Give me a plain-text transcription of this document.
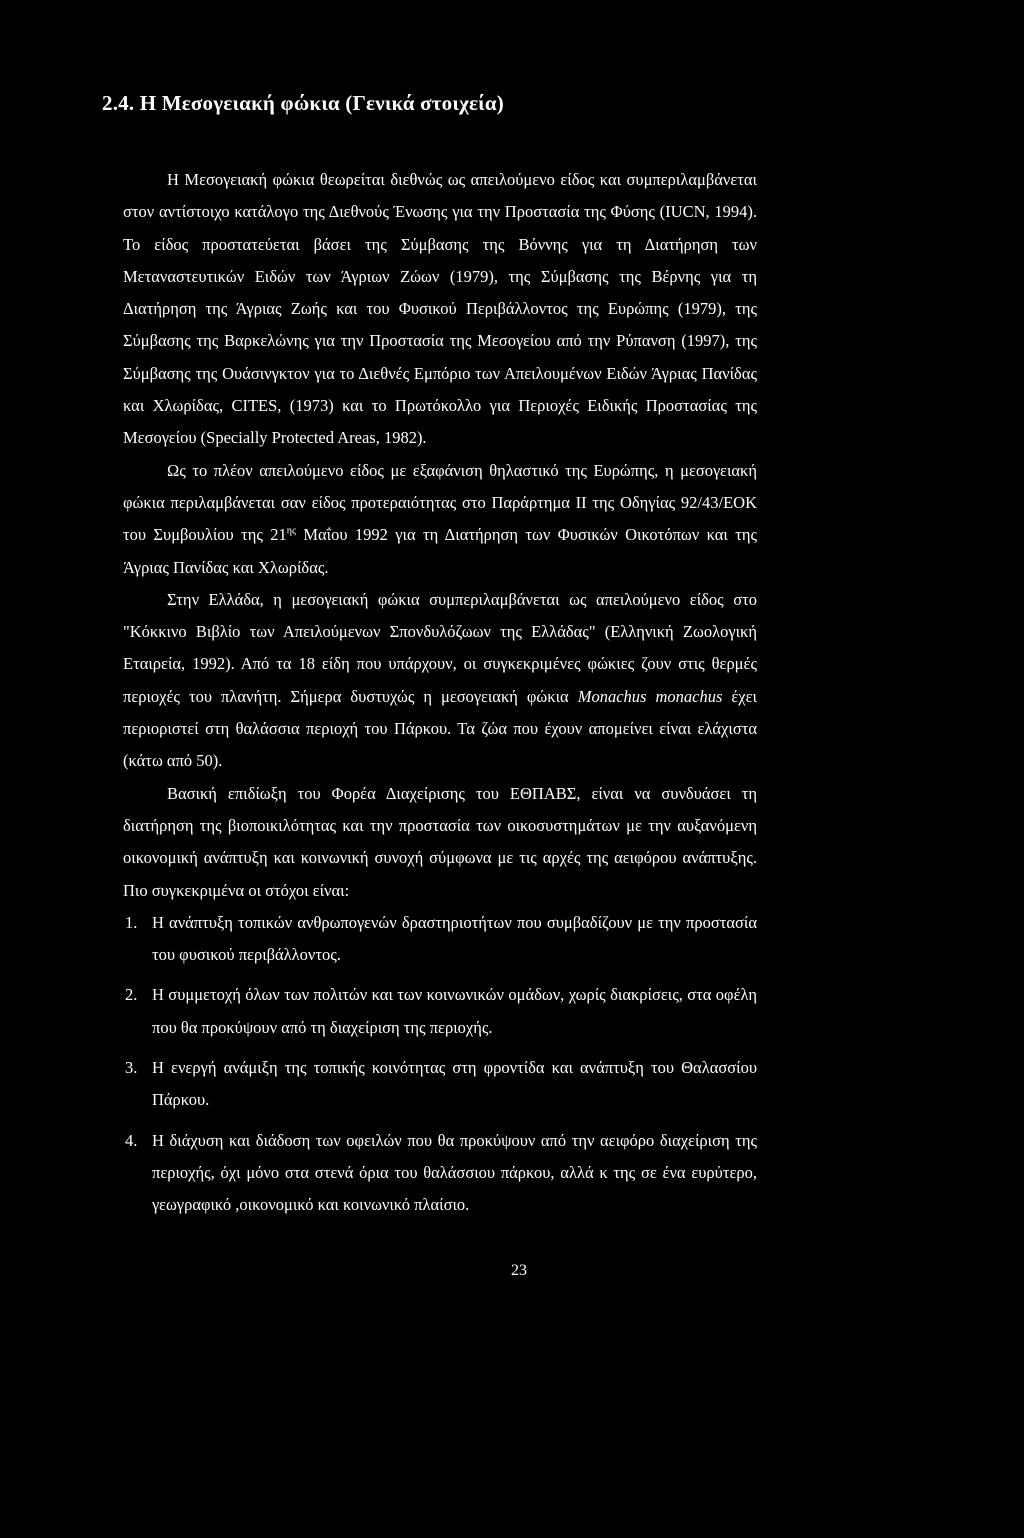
2.4. Η Μεσογειακή φώκια (Γενικά στοιχεία)

Η Μεσογειακή φώκια θεωρείται διεθνώς ως απειλούμενο είδος και συμπεριλαμβάνεται στον αντίστοιχο κατάλογο της Διεθνούς Ένωσης για την Προστασία της Φύσης (IUCN, 1994). Το είδος προστατεύεται βάσει της Σύμβασης της Βόννης για τη Διατήρηση των Μεταναστευτικών Ειδών των Άγριων Ζώων (1979), της Σύμβασης της Βέρνης για τη Διατήρηση της Άγριας Ζωής και του Φυσικού Περιβάλλοντος της Ευρώπης (1979), της Σύμβασης της Βαρκελώνης για την Προστασία της Μεσογείου από την Ρύπανση (1997), της Σύμβασης της Ουάσινγκτον για το Διεθνές Εμπόριο των Απειλουμένων Ειδών Άγριας Πανίδας και Χλωρίδας, CITES, (1973) και το Πρωτόκολλο για Περιοχές Ειδικής Προστασίας της Μεσογείου (Specially Protected Areas, 1982).

Ως το πλέον απειλούμενο είδος με εξαφάνιση θηλαστικό της Ευρώπης, η μεσογειακή φώκια περιλαμβάνεται σαν είδος προτεραιότητας στο Παράρτημα II της Οδηγίας 92/43/ΕΟΚ του Συμβουλίου της $21^{\eta\varsigma}$ Μαΐου 1992 για τη Διατήρηση των Φυσικών Οικοτόπων και της Άγριας Πανίδας και Χλωρίδας.

Στην Ελλάδα, η μεσογειακή φώκια συμπεριλαμβάνεται ως απειλούμενο είδος στο "Κόκκινο Βιβλίο των Απειλούμενων Σπονδυλόζωων της Ελλάδας" (Ελληνική Ζωολογική Εταιρεία, 1992). Από τα 18 είδη που υπάρχουν, οι συγκεκριμένες φώκιες ζουν στις θερμές περιοχές του πλανήτη. Σήμερα δυστυχώς η μεσογειακή φώκια Monachus monachus έχει περιοριστεί στη θαλάσσια περιοχή του Πάρκου. Τα ζώα που έχουν απομείνει είναι ελάχιστα (κάτω από 50).

Βασική επιδίωξη του Φορέα Διαχείρισης του ΕΘΠΑΒΣ, είναι να συνδυάσει τη διατήρηση της βιοποικιλότητας και την προστασία των οικοσυστημάτων με την αυξανόμενη οικονομική ανάπτυξη και κοινωνική συνοχή σύμφωνα με τις αρχές της αειφόρου ανάπτυξης. Πιο συγκεκριμένα οι στόχοι είναι:

1. Η ανάπτυξη τοπικών ανθρωπογενών δραστηριοτήτων που συμβαδίζουν με την προστασία του φυσικού περιβάλλοντος.
2. Η συμμετοχή όλων των πολιτών και των κοινωνικών ομάδων, χωρίς διακρίσεις, στα οφέλη που θα προκύψουν από τη διαχείριση της περιοχής.
3. Η ενεργή ανάμιξη της τοπικής κοινότητας στη φροντίδα και ανάπτυξη του Θαλασσίου Πάρκου.
4. Η διάχυση και διάδοση των οφειλών που θα προκύψουν από την αειφόρο διαχείριση της περιοχής, όχι μόνο στα στενά όρια του θαλάσσιου πάρκου, αλλά κ της σε ένα ευρύτερο, γεωγραφικό ,οικονομικό και κοινωνικό πλαίσιο.
23
